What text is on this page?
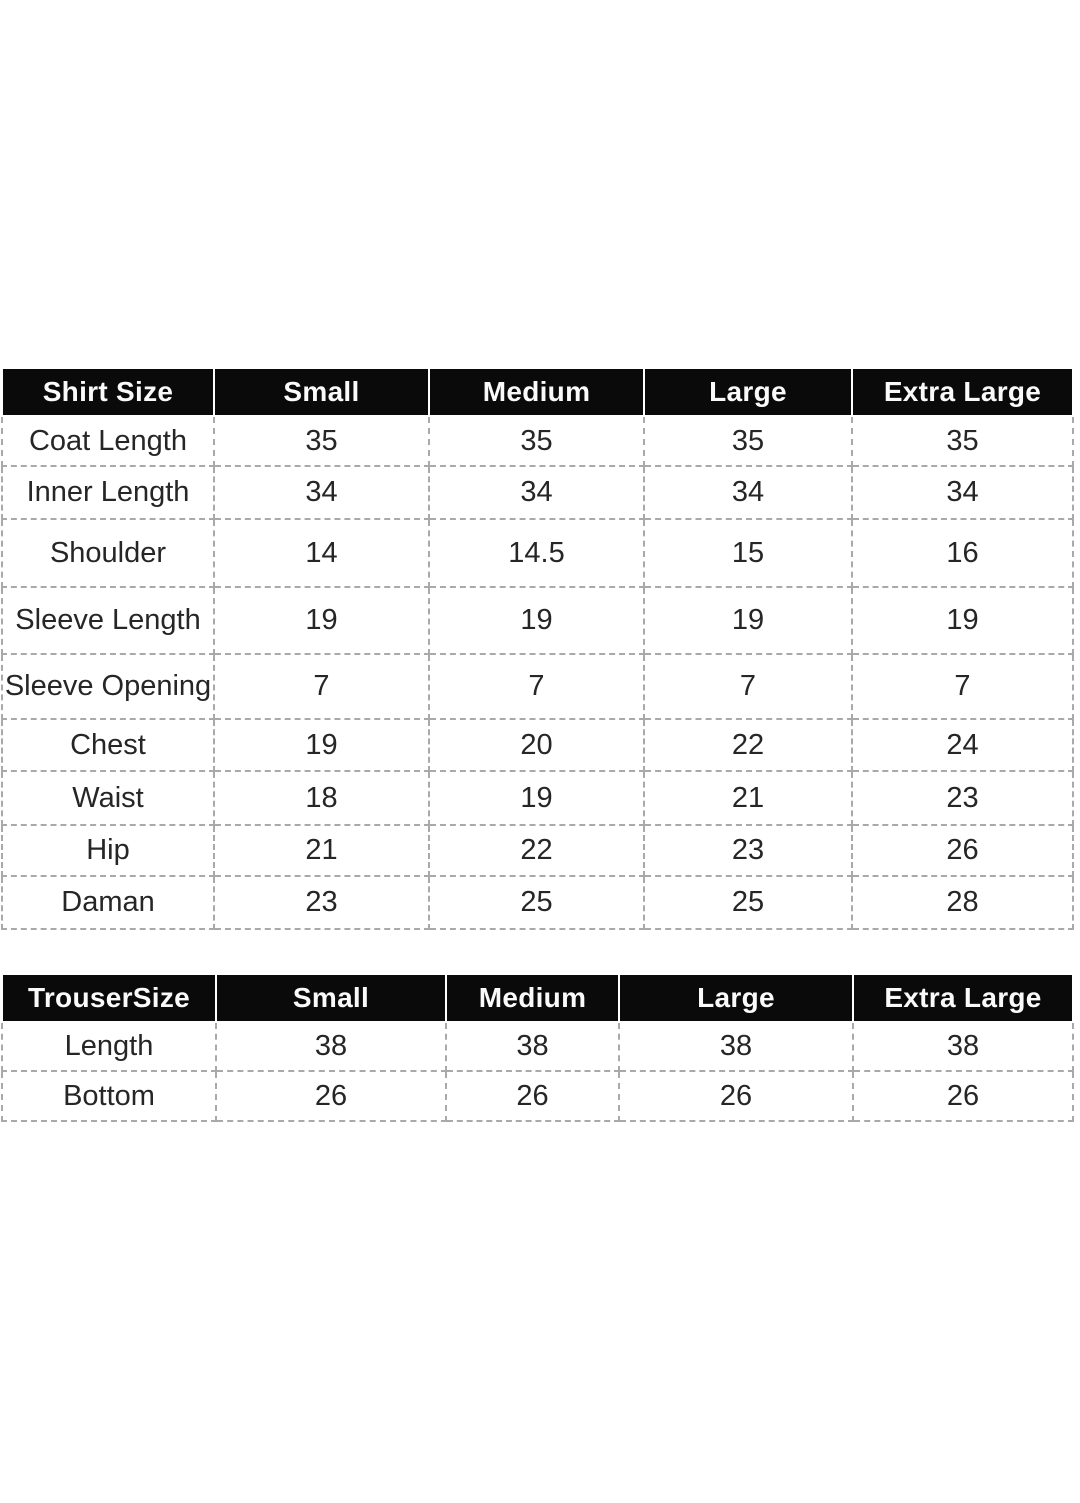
Shirt Size	Small	Medium	Large	Extra Large
Coat Length	35	35	35	35
Inner Length	34	34	34	34
Shoulder	14	14.5	15	16
Sleeve Length	19	19	19	19
Sleeve Opening	7	7	7	7
Chest	19	20	22	24
Waist	18	19	21	23
Hip	21	22	23	26
Daman	23	25	25	28
TrouserSize	Small	Medium	Large	Extra Large
Length	38	38	38	38
Bottom	26	26	26	26
